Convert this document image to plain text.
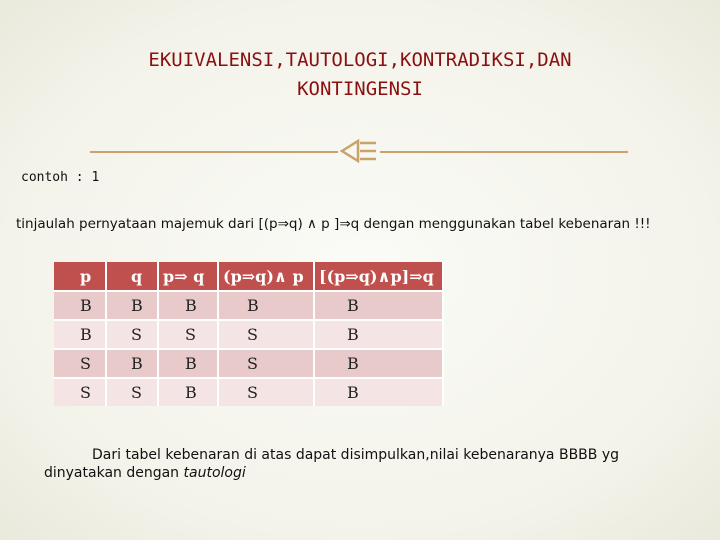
EKUIVALENSI,TAUTOLOGI,KONTRADIKSI,DAN
KONTINGENSI
contoh : 1
tinjaulah pernyataan majemuk dari [(p⇒q) ∧ p ]⇒q dengan menggunakan tabel kebenaran !!!
p	q	p⇒ q	(p⇒q)∧ p	[(p⇒q)∧p]⇒q
B	B	B	B	B
B	S	S	S	B
S	B	B	S	B
S	S	B	S	B
Dari tabel kebenaran di atas dapat disimpulkan,nilai kebenaranya BBBB yg
dinyatakan dengan tautologi
